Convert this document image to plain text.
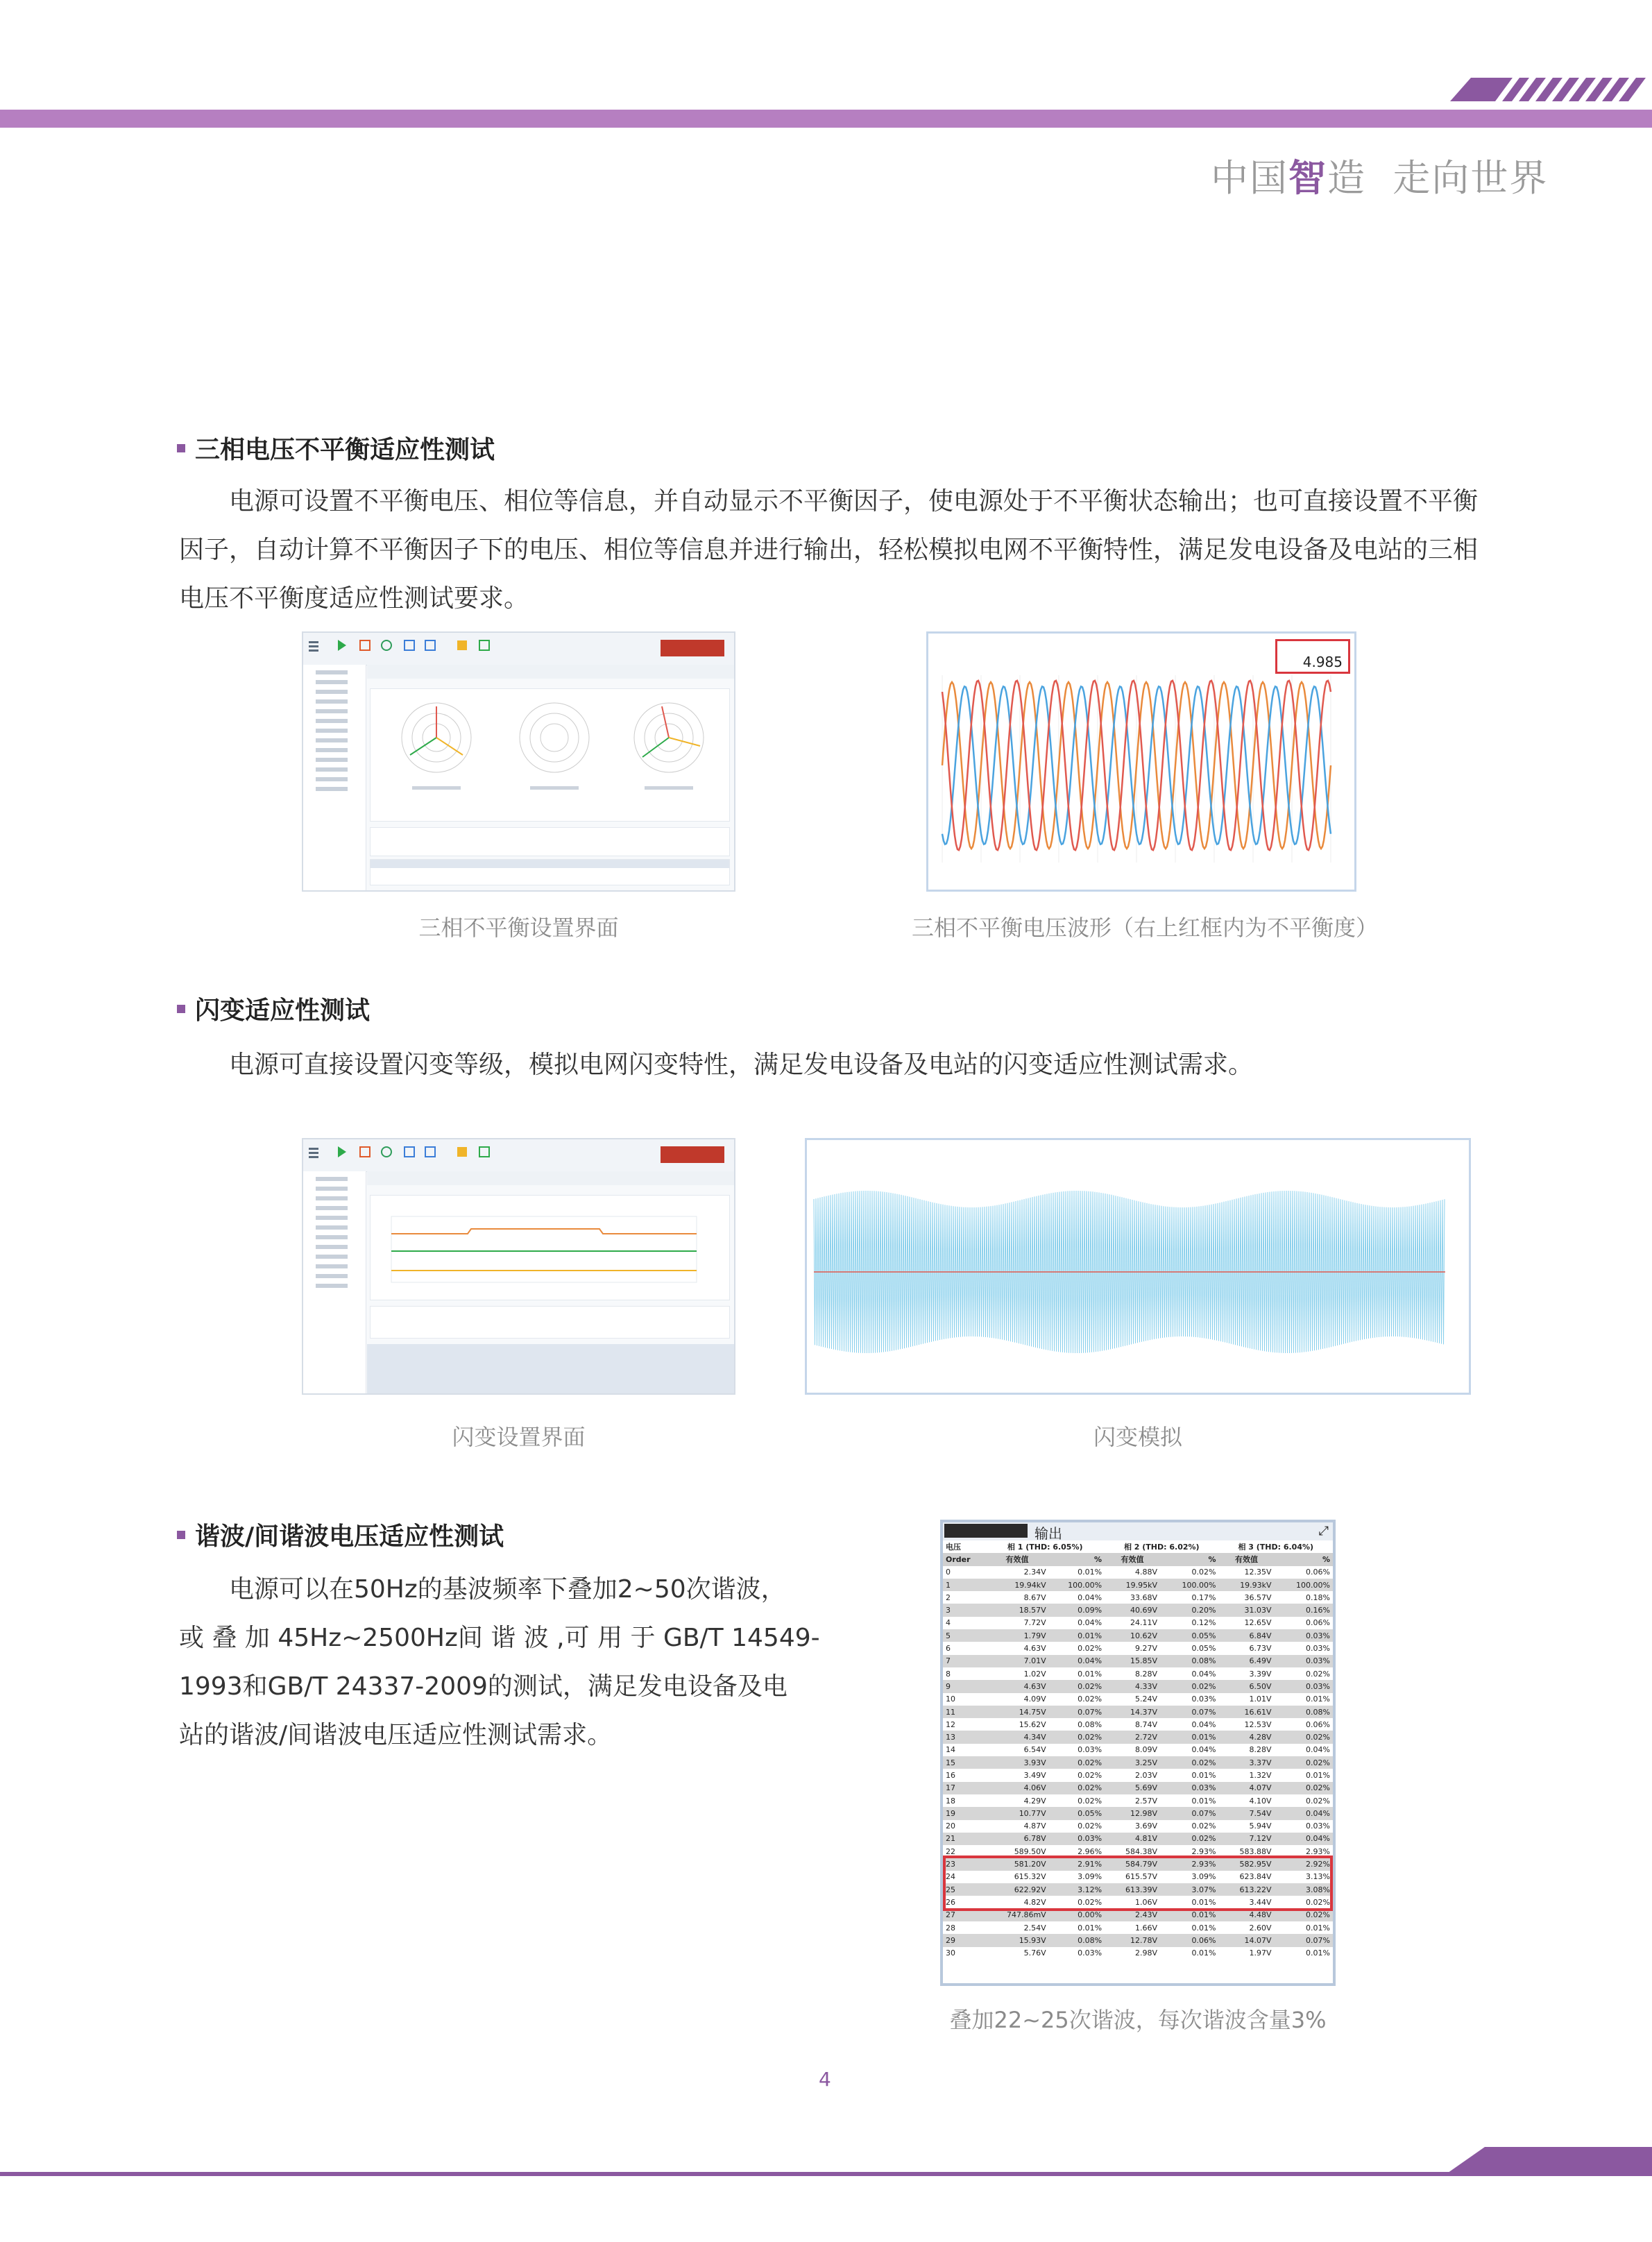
中国智造 走向世界
三相电压不平衡适应性测试
电源可设置不平衡电压、相位等信息，并自动显示不平衡因子，使电源处于不平衡状态输出；也可直接设置不平衡因子，自动计算不平衡因子下的电压、相位等信息并进行输出，轻松模拟电网不平衡特性，满足发电设备及电站的三相电压不平衡度适应性测试要求。
三相不平衡设置界面
4.985
三相不平衡电压波形（右上红框内为不平衡度）
闪变适应性测试
电源可直接设置闪变等级，模拟电网闪变特性，满足发电设备及电站的闪变适应性测试需求。
闪变设置界面	闪变模拟
谐波/间谐波电压适应性测试
电源可以在50Hz的基波频率下叠加2~50次谐波，
或 叠 加 45Hz~2500Hz间 谐 波 ,可 用 于 GB/T 14549-
1993和GB/T 24337-2009的测试，满足发电设备及电
站的谐波/间谐波电压适应性测试需求。
输出	⤢
电压	相 1 (THD: 6.05%)		相 2 (THD: 6.02%)		相 3 (THD: 6.04%)	
Order	有效值	%	有效值	%	有效值	%
0	2.34V	0.01%	4.88V	0.02%	12.35V	0.06%
1	19.94kV	100.00%	19.95kV	100.00%	19.93kV	100.00%
2	8.67V	0.04%	33.68V	0.17%	36.57V	0.18%
3	18.57V	0.09%	40.69V	0.20%	31.03V	0.16%
4	7.72V	0.04%	24.11V	0.12%	12.65V	0.06%
5	1.79V	0.01%	10.62V	0.05%	6.84V	0.03%
6	4.63V	0.02%	9.27V	0.05%	6.73V	0.03%
7	7.01V	0.04%	15.85V	0.08%	6.49V	0.03%
8	1.02V	0.01%	8.28V	0.04%	3.39V	0.02%
9	4.63V	0.02%	4.33V	0.02%	6.50V	0.03%
10	4.09V	0.02%	5.24V	0.03%	1.01V	0.01%
11	14.75V	0.07%	14.37V	0.07%	16.61V	0.08%
12	15.62V	0.08%	8.74V	0.04%	12.53V	0.06%
13	4.34V	0.02%	2.72V	0.01%	4.28V	0.02%
14	6.54V	0.03%	8.09V	0.04%	8.28V	0.04%
15	3.93V	0.02%	3.25V	0.02%	3.37V	0.02%
16	3.49V	0.02%	2.03V	0.01%	1.32V	0.01%
17	4.06V	0.02%	5.69V	0.03%	4.07V	0.02%
18	4.29V	0.02%	2.57V	0.01%	4.10V	0.02%
19	10.77V	0.05%	12.98V	0.07%	7.54V	0.04%
20	4.87V	0.02%	3.69V	0.02%	5.94V	0.03%
21	6.78V	0.03%	4.81V	0.02%	7.12V	0.04%
22	589.50V	2.96%	584.38V	2.93%	583.88V	2.93%
23	581.20V	2.91%	584.79V	2.93%	582.95V	2.92%
24	615.32V	3.09%	615.57V	3.09%	623.84V	3.13%
25	622.92V	3.12%	613.39V	3.07%	613.22V	3.08%
26	4.82V	0.02%	1.06V	0.01%	3.44V	0.02%
27	747.86mV	0.00%	2.43V	0.01%	4.48V	0.02%
28	2.54V	0.01%	1.66V	0.01%	2.60V	0.01%
29	15.93V	0.08%	12.78V	0.06%	14.07V	0.07%
30	5.76V	0.03%	2.98V	0.01%	1.97V	0.01%
叠加22~25次谐波，每次谐波含量3%
4
